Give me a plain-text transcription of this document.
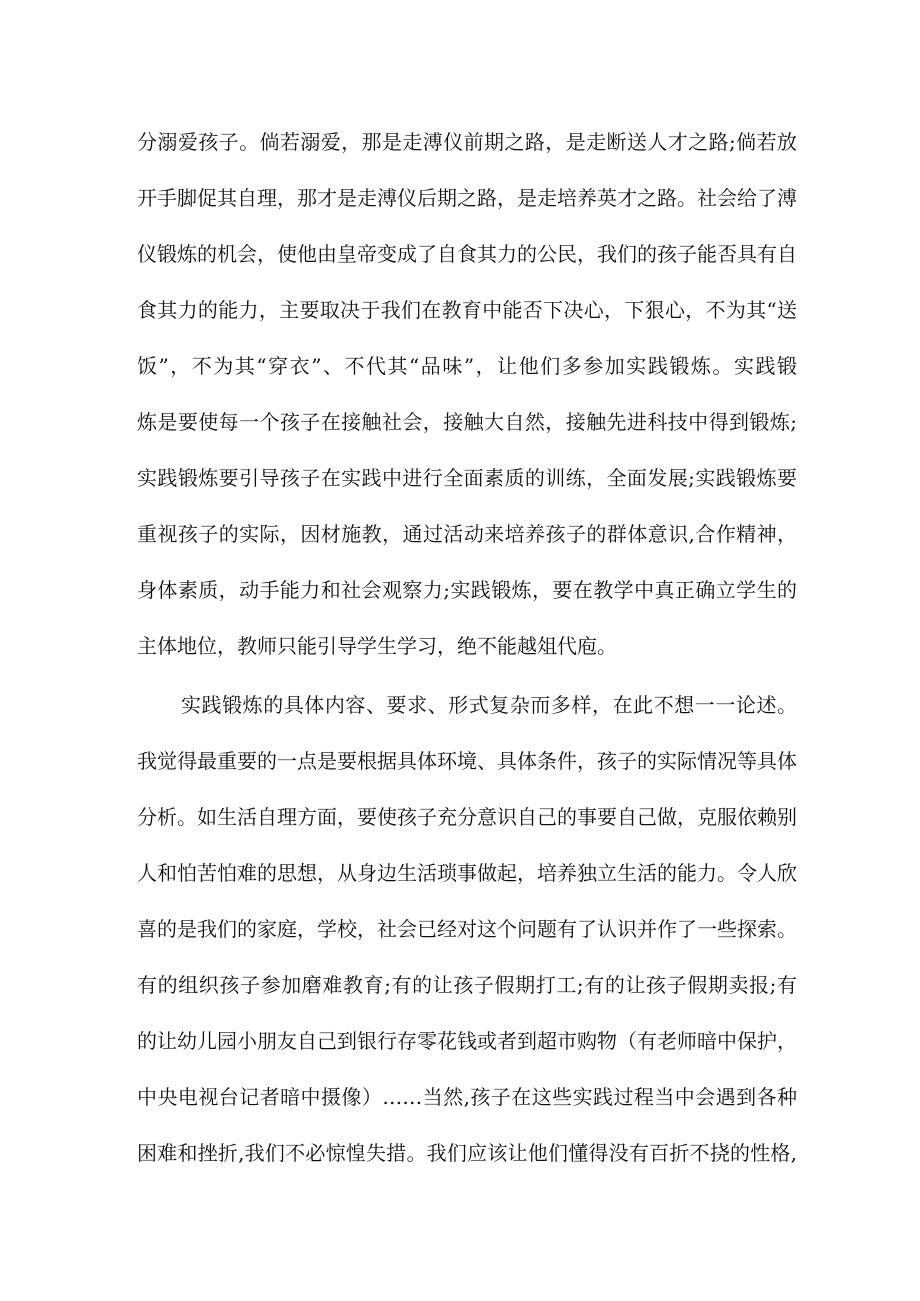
分溺爱孩子。倘若溺爱，那是走溥仪前期之路，是走断送人才之路;倘若放
开手脚促其自理，那才是走溥仪后期之路，是走培养英才之路。社会给了溥
仪锻炼的机会，使他由皇帝变成了自食其力的公民，我们的孩子能否具有自
食其力的能力，主要取决于我们在教育中能否下决心，下狠心，不为其“送
饭”，不为其“穿衣”、不代其“品味”，让他们多参加实践锻炼。实践锻
炼是要使每一个孩子在接触社会，接触大自然，接触先进科技中得到锻炼;
实践锻炼要引导孩子在实践中进行全面素质的训练，全面发展;实践锻炼要
重视孩子的实际，因材施教，通过活动来培养孩子的群体意识,合作精神，
身体素质，动手能力和社会观察力;实践锻炼，要在教学中真正确立学生的
主体地位，教师只能引导学生学习，绝不能越俎代庖。
实践锻炼的具体内容、要求、形式复杂而多样，在此不想一一论述。
我觉得最重要的一点是要根据具体环境、具体条件，孩子的实际情况等具体
分析。如生活自理方面，要使孩子充分意识自己的事要自己做，克服依赖别
人和怕苦怕难的思想，从身边生活琐事做起，培养独立生活的能力。令人欣
喜的是我们的家庭，学校，社会已经对这个问题有了认识并作了一些探索。
有的组织孩子参加磨难教育;有的让孩子假期打工;有的让孩子假期卖报;有
的让幼儿园小朋友自己到银行存零花钱或者到超市购物（有老师暗中保护，
中央电视台记者暗中摄像）……当然,孩子在这些实践过程当中会遇到各种
困难和挫折,我们不必惊惶失措。我们应该让他们懂得没有百折不挠的性格,
